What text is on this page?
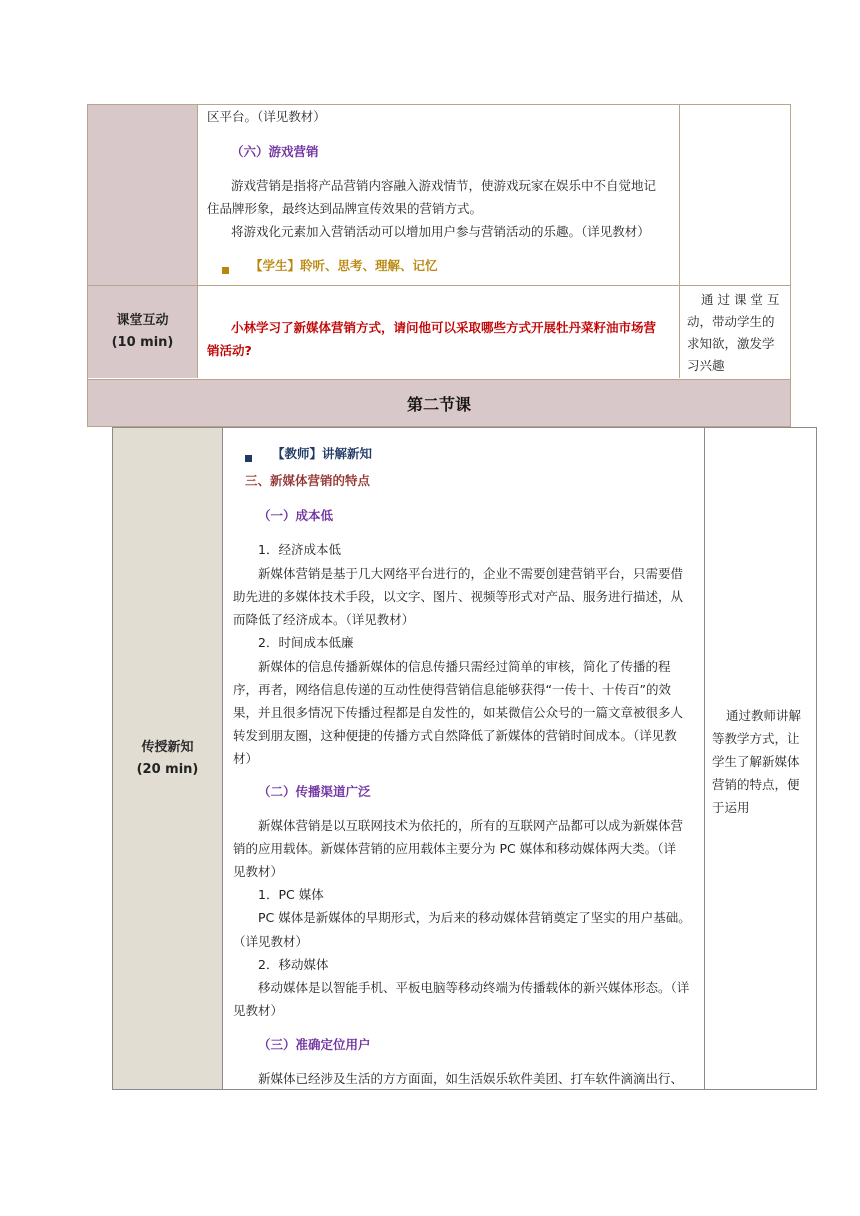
区平台。（详见教材）
（六）游戏营销
游戏营销是指将产品营销内容融入游戏情节，使游戏玩家在娱乐中不自觉地记
住品牌形象，最终达到品牌宣传效果的营销方式。
将游戏化元素加入营销活动可以增加用户参与营销活动的乐趣。（详见教材）
【学生】聆听、思考、理解、记忆
课堂互动
(10 min)
小林学习了新媒体营销方式，请问他可以采取哪些方式开展牡丹菜籽油市场营
销活动?
通 过 课 堂 互
动，带动学生的
求知欲，激发学
习兴趣
第二节课
传授新知
(20 min)
【教师】讲解新知
三、新媒体营销的特点
（一）成本低
1．经济成本低
新媒体营销是基于几大网络平台进行的，企业不需要创建营销平台，只需要借
助先进的多媒体技术手段，以文字、图片、视频等形式对产品、服务进行描述，从
而降低了经济成本。（详见教材）
2．时间成本低廉
新媒体的信息传播新媒体的信息传播只需经过简单的审核，简化了传播的程
序，再者，网络信息传递的互动性使得营销信息能够获得“一传十、十传百”的效
果，并且很多情况下传播过程都是自发性的，如某微信公众号的一篇文章被很多人
转发到朋友圈，这种便捷的传播方式自然降低了新媒体的营销时间成本。（详见教
材）
（二）传播渠道广泛
新媒体营销是以互联网技术为依托的，所有的互联网产品都可以成为新媒体营
销的应用载体。新媒体营销的应用载体主要分为 PC 媒体和移动媒体两大类。（详
见教材）
1．PC 媒体
PC 媒体是新媒体的早期形式，为后来的移动媒体营销奠定了坚实的用户基础。
（详见教材）
2．移动媒体
移动媒体是以智能手机、平板电脑等移动终端为传播载体的新兴媒体形态。（详
见教材）
（三）准确定位用户
新媒体已经涉及生活的方方面面，如生活娱乐软件美团、打车软件滴滴出行、
通过教师讲解
等教学方式，让
学生了解新媒体
营销的特点，便
于运用
